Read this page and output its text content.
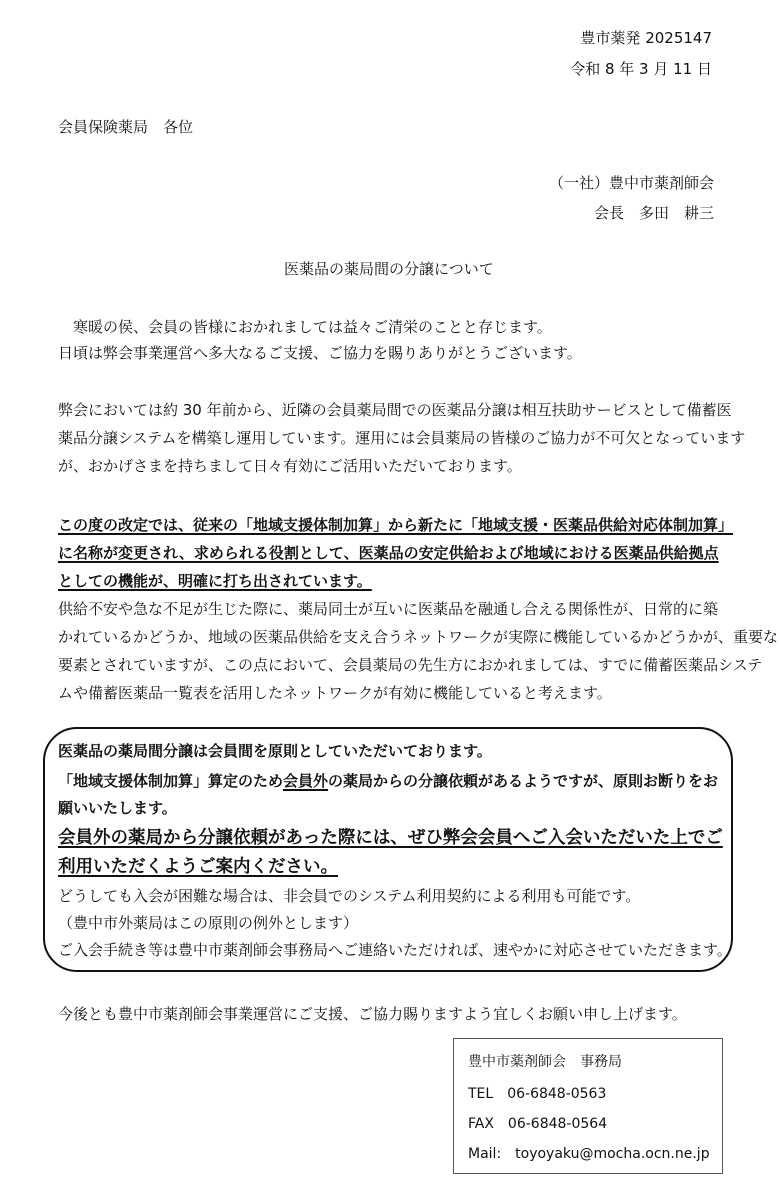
豊市薬発 2025147

令和 8 年 3 月 11 日

会員保険薬局　各位

（一社）豊中市薬剤師会

会長　多田　耕三

医薬品の薬局間の分譲について

　寒暖の侯、会員の皆様におかれましては益々ご清栄のことと存じます。

日頃は弊会事業運営へ多大なるご支援、ご協力を賜りありがとうございます。

弊会においては約 30 年前から、近隣の会員薬局間での医薬品分譲は相互扶助サービスとして備蓄医

薬品分譲システムを構築し運用しています。運用には会員薬局の皆様のご協力が不可欠となっています

が、おかげさまを持ちまして日々有効にご活用いただいております。

この度の改定では、従来の「地域支援体制加算」から新たに「地域支援・医薬品供給対応体制加算」

に名称が変更され、求められる役割として、医薬品の安定供給および地域における医薬品供給拠点

としての機能が、明確に打ち出されています。

供給不安や急な不足が生じた際に、薬局同士が互いに医薬品を融通し合える関係性が、日常的に築

かれているかどうか、地域の医薬品供給を支え合うネットワークが実際に機能しているかどうかが、重要な

要素とされていますが、この点において、会員薬局の先生方におかれましては、すでに備蓄医薬品システ

ムや備蓄医薬品一覧表を活用したネットワークが有効に機能していると考えます。

医薬品の薬局間分譲は会員間を原則としていただいております。

「地域支援体制加算」算定のため会員外の薬局からの分譲依頼があるようですが、原則お断りをお

願いいたします。

会員外の薬局から分譲依頼があった際には、ぜひ弊会会員へご入会いただいた上でご

利用いただくようご案内ください。

どうしても入会が困難な場合は、非会員でのシステム利用契約による利用も可能です。

（豊中市外薬局はこの原則の例外とします）

ご入会手続き等は豊中市薬剤師会事務局へご連絡いただければ、速やかに対応させていただきます。

今後とも豊中市薬剤師会事業運営にご支援、ご協力賜りますよう宜しくお願い申し上げます。

豊中市薬剤師会　事務局

TEL　06-6848-0563

FAX　06-6848-0564

Mail:　toyoyaku@mocha.ocn.ne.jp
